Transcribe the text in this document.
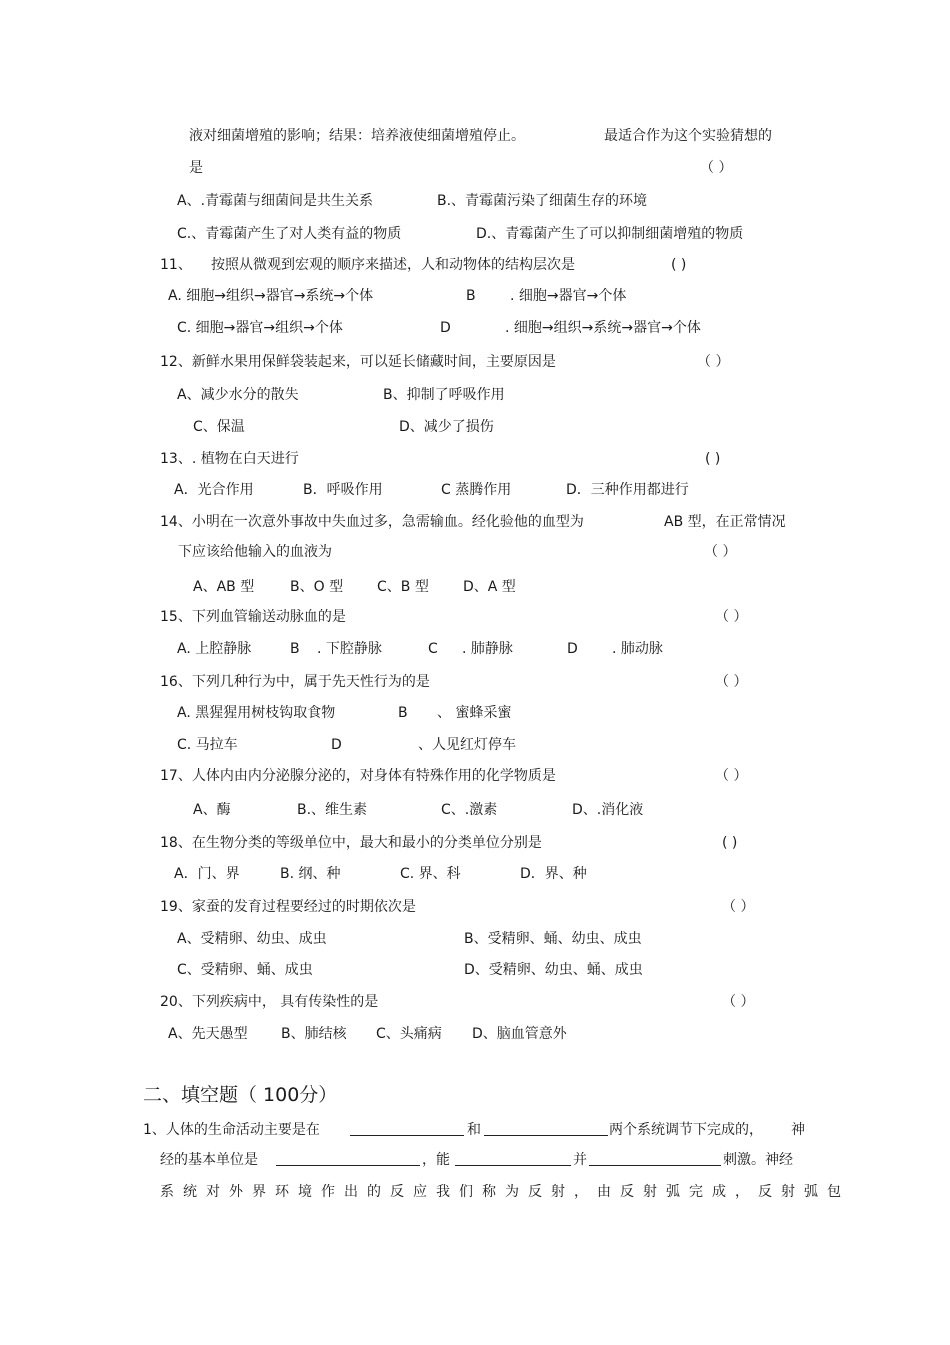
液对细菌增殖的影响；结果：培养液使细菌增殖停止。	最适合作为这个实验猜想的
是	（ ）
A、.青霉菌与细菌间是共生关系	B.、青霉菌污染了细菌生存的环境
C.、青霉菌产生了对人类有益的物质	D.、青霉菌产生了可以抑制细菌增殖的物质
11、 按照从微观到宏观的顺序来描述，人和动物体的结构层次是	( )
A. 细胞→组织→器官→系统→个体	B . 细胞→器官→个体
C. 细胞→器官→组织→个体	D	. 细胞→组织→系统→器官→个体
12、新鲜水果用保鲜袋装起来，可以延长储藏时间，主要原因是	（ ）
A、减少水分的散失	B、抑制了呼吸作用
C、保温	D、减少了损伤
13、. 植物在白天进行	( )
A．光合作用	B．呼吸作用	C 蒸腾作用	D．三种作用都进行
14、小明在一次意外事故中失血过多，急需输血。经化验他的血型为	AB 型，在正常情况
下应该给他输入的血液为	（ ）
A、AB 型	B、O 型 C、B 型 D、A 型
15、下列血管输送动脉血的是	（ ）
A. 上腔静脉	B . 下腔静脉	C . 肺静脉	D . 肺动脉
16、下列几种行为中，属于先天性行为的是	（ ）
A. 黑猩猩用树枝钩取食物	B 、 蜜蜂采蜜
C. 马拉车	D	、人见红灯停车
17、人体内由内分泌腺分泌的，对身体有特殊作用的化学物质是	（ ）
A、酶	B.、维生素	C、.激素	D、.消化液
18、在生物分类的等级单位中，最大和最小的分类单位分别是	( )
A．门、界	B. 纲、种	C. 界、科	D．界、种
19、家蚕的发育过程要经过的时期依次是	（ ）
A、受精卵、幼虫、成虫	B、受精卵、蛹、幼虫、成虫
C、受精卵、蛹、成虫	D、受精卵、幼虫、蛹、成虫
20、下列疾病中， 具有传染性的是	（ ）
A、先天愚型 B、肺结核 C、头痛病 D、脑血管意外
二、填空题（ 100分）
1、人体的生命活动主要是在	和	两个系统调节下完成的， 神
经的基本单位是	，能	并	刺激。神经
系统对外界环境作出的反应我们称为反射，由反射弧完成，反射弧包
